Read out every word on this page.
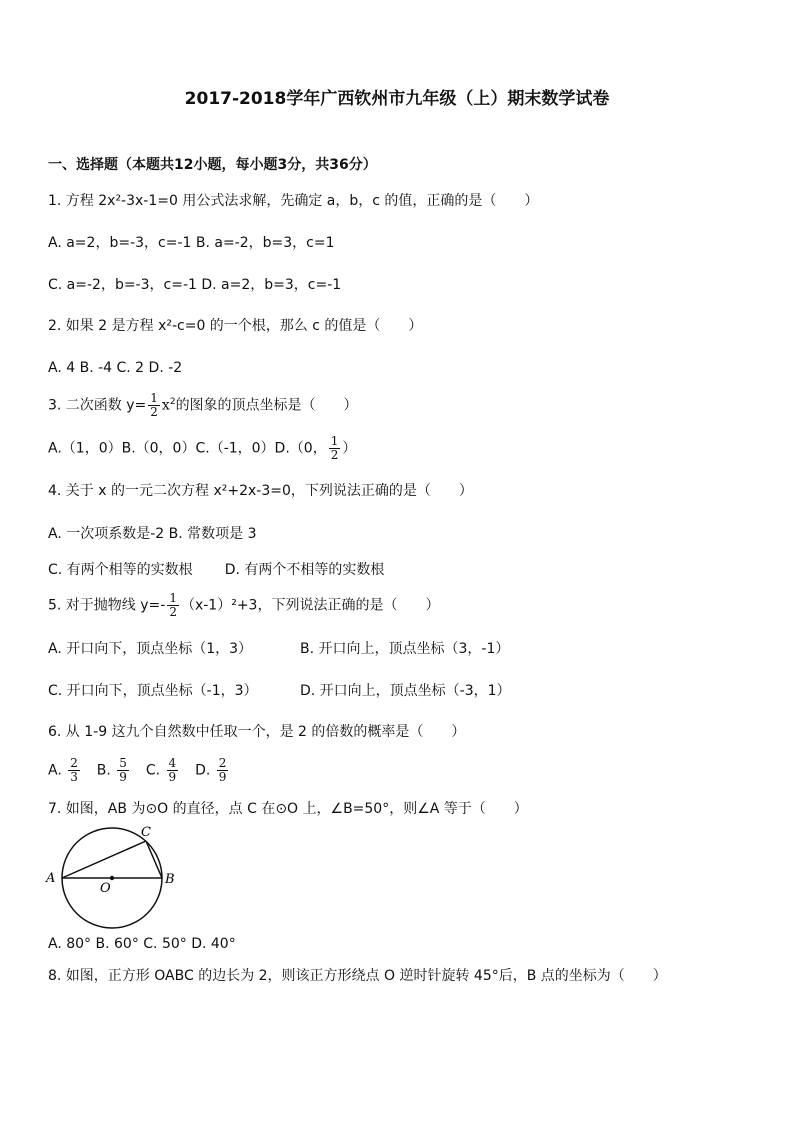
2017-2018学年广西钦州市九年级（上）期末数学试卷
一、选择题（本题共12小题，每小题3分，共36分）
1. 方程 2x²-3x-1=0 用公式法求解，先确定 a，b，c 的值，正确的是（　　）
A. a=2，b=-3，c=-1 B. a=-2，b=3，c=1
C. a=-2，b=-3，c=-1 D. a=2，b=3，c=-1
2. 如果 2 是方程 x²-c=0 的一个根，那么 c 的值是（　　）
A. 4 B. -4 C. 2 D. -2
3. 二次函数 $y= \frac{1}{2} x^2$的图象的顶点坐标是（　　）
A.（1，0）B.（0，0）C.（-1，0）D.（0， $\frac{1}{2}$ ）
4. 关于 x 的一元二次方程 x²+2x-3=0，下列说法正确的是（　　）
A. 一次项系数是-2 B. 常数项是 3
C. 有两个相等的实数根 D. 有两个不相等的实数根
5. 对于抛物线 $y=- \frac{1}{2} (x-1)^2+3$，下列说法正确的是（　　）
A. 开口向下，顶点坐标（1，3）	B. 开口向上，顶点坐标（3，-1）
C. 开口向下，顶点坐标（-1，3）	D. 开口向上，顶点坐标（-3，1）
6. 从 1-9 这九个自然数中任取一个，是 2 的倍数的概率是（　　）
A. $\frac{2}{3} B$. $\frac{5}{9} C$. $\frac{4}{9} D$. $\frac{2}{9}$
7. 如图，AB 为⊙O 的直径，点 C 在⊙O 上，∠B=50°，则∠A 等于（　　）
A	B
C
O
A. 80° B. 60° C. 50° D. 40°
8. 如图，正方形 OABC 的边长为 2，则该正方形绕点 O 逆时针旋转 45°后，B 点的坐标为（　　）
